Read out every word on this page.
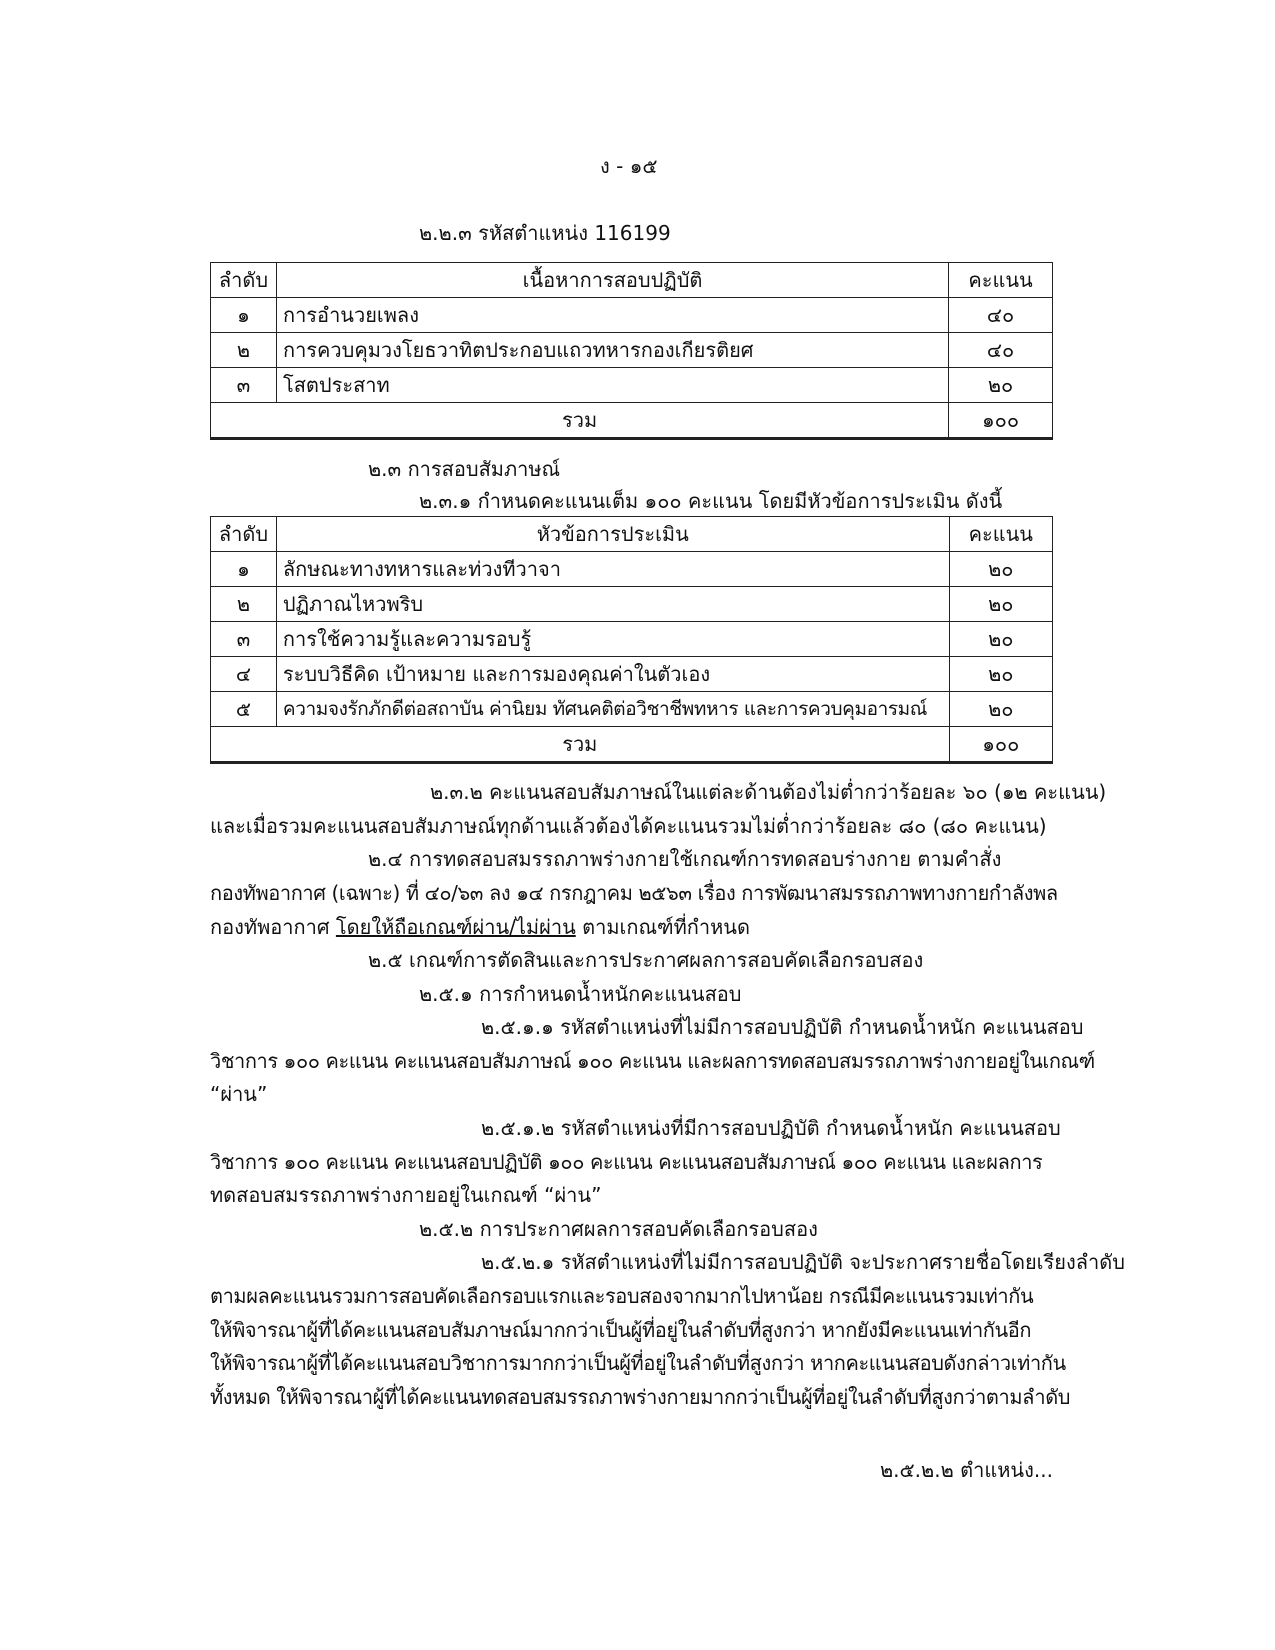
ง - ๑๕
๒.๒.๓ รหัสตำแหน่ง 116199
ลำดับ	เนื้อหาการสอบปฏิบัติ	คะแนน
๑	การอำนวยเพลง	๔๐
๒	การควบคุมวงโยธวาทิตประกอบแถวทหารกองเกียรติยศ	๔๐
๓	โสตประสาท	๒๐
รวม		๑๐๐
๒.๓ การสอบสัมภาษณ์
๒.๓.๑ กำหนดคะแนนเต็ม ๑๐๐ คะแนน โดยมีหัวข้อการประเมิน ดังนี้
ลำดับ	หัวข้อการประเมิน	คะแนน
๑	ลักษณะทางทหารและท่วงทีวาจา	๒๐
๒	ปฏิภาณไหวพริบ	๒๐
๓	การใช้ความรู้และความรอบรู้	๒๐
๔	ระบบวิธีคิด เป้าหมาย และการมองคุณค่าในตัวเอง	๒๐
๕	ความจงรักภักดีต่อสถาบัน ค่านิยม ทัศนคติต่อวิชาชีพทหาร และการควบคุมอารมณ์	๒๐
รวม		๑๐๐
๒.๓.๒ คะแนนสอบสัมภาษณ์ในแต่ละด้านต้องไม่ต่ำกว่าร้อยละ ๖๐ (๑๒ คะแนน)
และเมื่อรวมคะแนนสอบสัมภาษณ์ทุกด้านแล้วต้องได้คะแนนรวมไม่ต่ำกว่าร้อยละ ๘๐ (๘๐ คะแนน)
๒.๔ การทดสอบสมรรถภาพร่างกายใช้เกณฑ์การทดสอบร่างกาย ตามคำสั่ง
กองทัพอากาศ (เฉพาะ) ที่ ๔๐/๖๓ ลง ๑๔ กรกฎาคม ๒๕๖๓ เรื่อง การพัฒนาสมรรถภาพทางกายกำลังพล
กองทัพอากาศ โดยให้ถือเกณฑ์ผ่าน/ไม่ผ่าน ตามเกณฑ์ที่กำหนด
๒.๕ เกณฑ์การตัดสินและการประกาศผลการสอบคัดเลือกรอบสอง
๒.๕.๑ การกำหนดน้ำหนักคะแนนสอบ
๒.๕.๑.๑ รหัสตำแหน่งที่ไม่มีการสอบปฏิบัติ กำหนดน้ำหนัก คะแนนสอบ
วิชาการ ๑๐๐ คะแนน คะแนนสอบสัมภาษณ์ ๑๐๐ คะแนน และผลการทดสอบสมรรถภาพร่างกายอยู่ในเกณฑ์
“ผ่าน”
๒.๕.๑.๒ รหัสตำแหน่งที่มีการสอบปฏิบัติ กำหนดน้ำหนัก คะแนนสอบ
วิชาการ ๑๐๐ คะแนน คะแนนสอบปฏิบัติ ๑๐๐ คะแนน คะแนนสอบสัมภาษณ์ ๑๐๐ คะแนน และผลการ
ทดสอบสมรรถภาพร่างกายอยู่ในเกณฑ์ “ผ่าน”
๒.๕.๒ การประกาศผลการสอบคัดเลือกรอบสอง
๒.๕.๒.๑ รหัสตำแหน่งที่ไม่มีการสอบปฏิบัติ จะประกาศรายชื่อโดยเรียงลำดับ
ตามผลคะแนนรวมการสอบคัดเลือกรอบแรกและรอบสองจากมากไปหาน้อย กรณีมีคะแนนรวมเท่ากัน
ให้พิจารณาผู้ที่ได้คะแนนสอบสัมภาษณ์มากกว่าเป็นผู้ที่อยู่ในลำดับที่สูงกว่า หากยังมีคะแนนเท่ากันอีก
ให้พิจารณาผู้ที่ได้คะแนนสอบวิชาการมากกว่าเป็นผู้ที่อยู่ในลำดับที่สูงกว่า หากคะแนนสอบดังกล่าวเท่ากัน
ทั้งหมด ให้พิจารณาผู้ที่ได้คะแนนทดสอบสมรรถภาพร่างกายมากกว่าเป็นผู้ที่อยู่ในลำดับที่สูงกว่าตามลำดับ
๒.๕.๒.๒ ตำแหน่ง...
